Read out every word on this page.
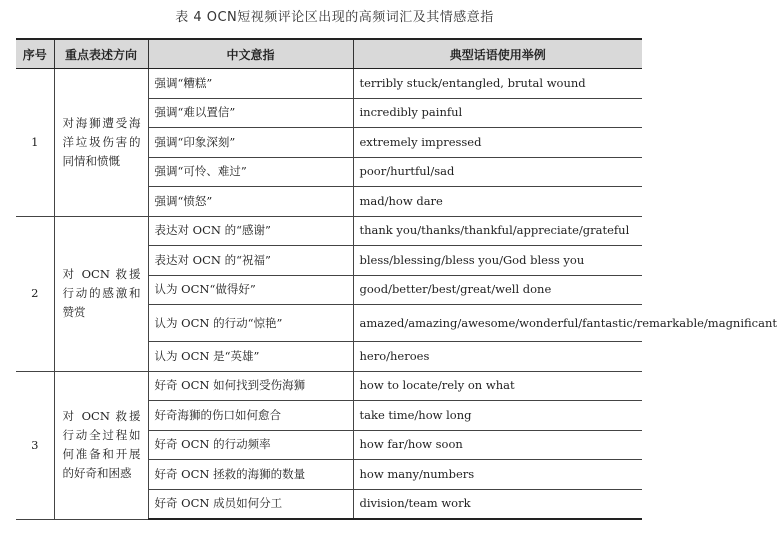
表 4 OCN短视频评论区出现的高频词汇及其情感意指
序号	重点表述方向	中文意指	典型话语使用举例
1	对海狮遭受海洋垃圾伤害的同情和愤慨	强调“糟糕”	terribly stuck/entangled, brutal wound
		强调“难以置信”	incredibly painful
		强调“印象深刻”	extremely impressed
		强调“可怜、难过”	poor/hurtful/sad
		强调“愤怒”	mad/how dare
2	对 OCN 救援行动的感激和赞赏	表达对 OCN 的“感谢”	thank you/thanks/thankful/appreciate/grateful
		表达对 OCN 的“祝福”	bless/blessing/bless you/God bless you
		认为 OCN“做得好”	good/better/best/great/well done
		认为 OCN 的行动“惊艳”	amazed/amazing/awesome/wonderful/fantastic/remarkable/magnificant
		认为 OCN 是“英雄”	hero/heroes
3	对 OCN 救援行动全过程如何准备和开展的好奇和困惑	好奇 OCN 如何找到受伤海狮	how to locate/rely on what
		好奇海狮的伤口如何愈合	take time/how long
		好奇 OCN 的行动频率	how far/how soon
		好奇 OCN 拯救的海狮的数量	how many/numbers
		好奇 OCN 成员如何分工	division/team work
